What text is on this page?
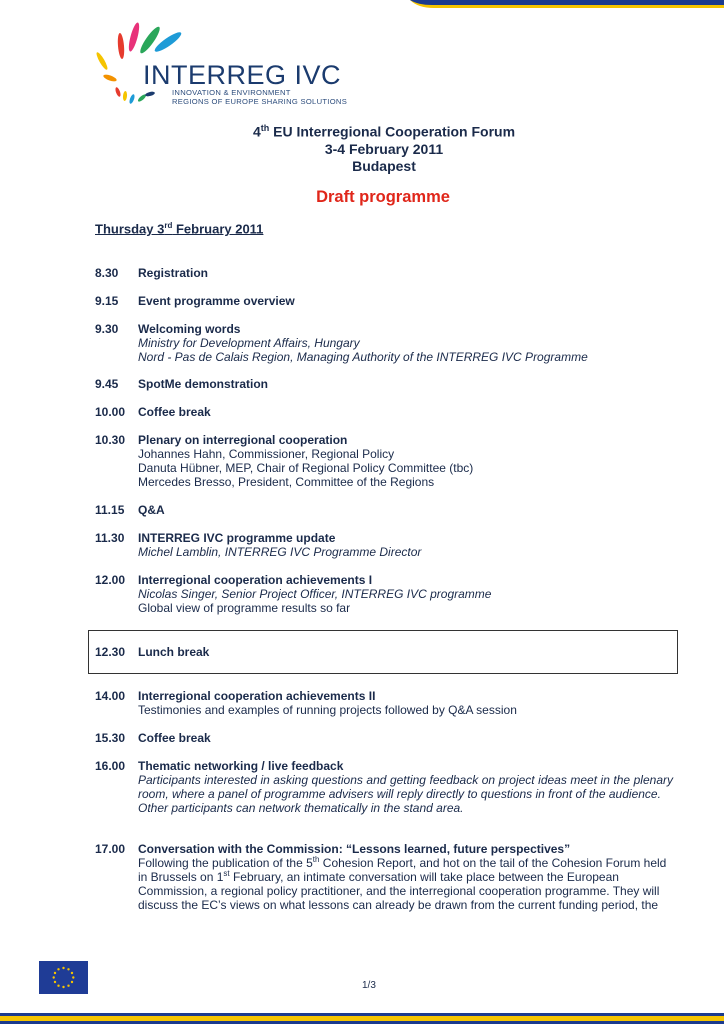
INTERREG IVC
INNOVATION & ENVIRONMENT
REGIONS OF EUROPE SHARING SOLUTIONS
4th EU Interregional Cooperation Forum
3-4 February 2011
Budapest
Draft programme
Thursday 3rd February 2011
8.30	Registration
9.15	Event programme overview
9.30	Welcoming words
Ministry for Development Affairs, Hungary
Nord - Pas de Calais Region, Managing Authority of the INTERREG IVC Programme
9.45	SpotMe demonstration
10.00	Coffee break
10.30	Plenary on interregional cooperation
Johannes Hahn, Commissioner, Regional Policy
Danuta Hübner, MEP, Chair of Regional Policy Committee (tbc)
Mercedes Bresso, President, Committee of the Regions
11.15	Q&A
11.30	INTERREG IVC programme update
Michel Lamblin, INTERREG IVC Programme Director
12.00	Interregional cooperation achievements I
Nicolas Singer, Senior Project Officer, INTERREG IVC programme
Global view of programme results so far
12.30	Lunch break
14.00	Interregional cooperation achievements II
Testimonies and examples of running projects followed by Q&A session
15.30	Coffee break
16.00	Thematic networking / live feedback
Participants interested in asking questions and getting feedback on project ideas meet in the plenary room, where a panel of programme advisers will reply directly to questions in front of the audience.
Other participants can network thematically in the stand area.
17.00	Conversation with the Commission: “Lessons learned, future perspectives”
Following the publication of the 5th Cohesion Report, and hot on the tail of the Cohesion Forum held in Brussels on 1st February, an intimate conversation will take place between the European Commission, a regional policy practitioner, and the interregional cooperation programme. They will discuss the EC’s views on what lessons can already be drawn from the current funding period, the
1/3
